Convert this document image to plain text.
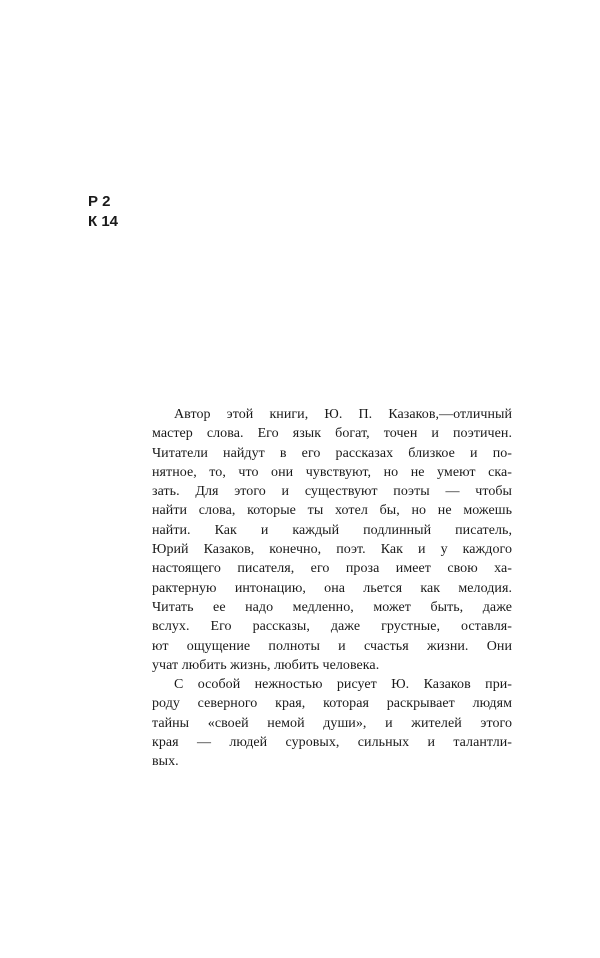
Р 2
К 14
Автор этой книги, Ю. П. Казаков,—отличный
мастер слова. Его язык богат, точен и поэтичен.
Читатели найдут в его рассказах близкое и по-
нятное, то, что они чувствуют, но не умеют ска-
зать. Для этого и существуют поэты — чтобы
найти слова, которые ты хотел бы, но не можешь
найти. Как и каждый подлинный писатель,
Юрий Казаков, конечно, поэт. Как и у каждого
настоящего писателя, его проза имеет свою ха-
рактерную интонацию, она льется как мелодия.
Читать ее надо медленно, может быть, даже
вслух. Его рассказы, даже грустные, оставля-
ют ощущение полноты и счастья жизни. Они
учат любить жизнь, любить человека.
С особой нежностью рисует Ю. Казаков при-
роду северного края, которая раскрывает людям
тайны «своей немой души», и жителей этого
края — людей суровых, сильных и талантли-
вых.
